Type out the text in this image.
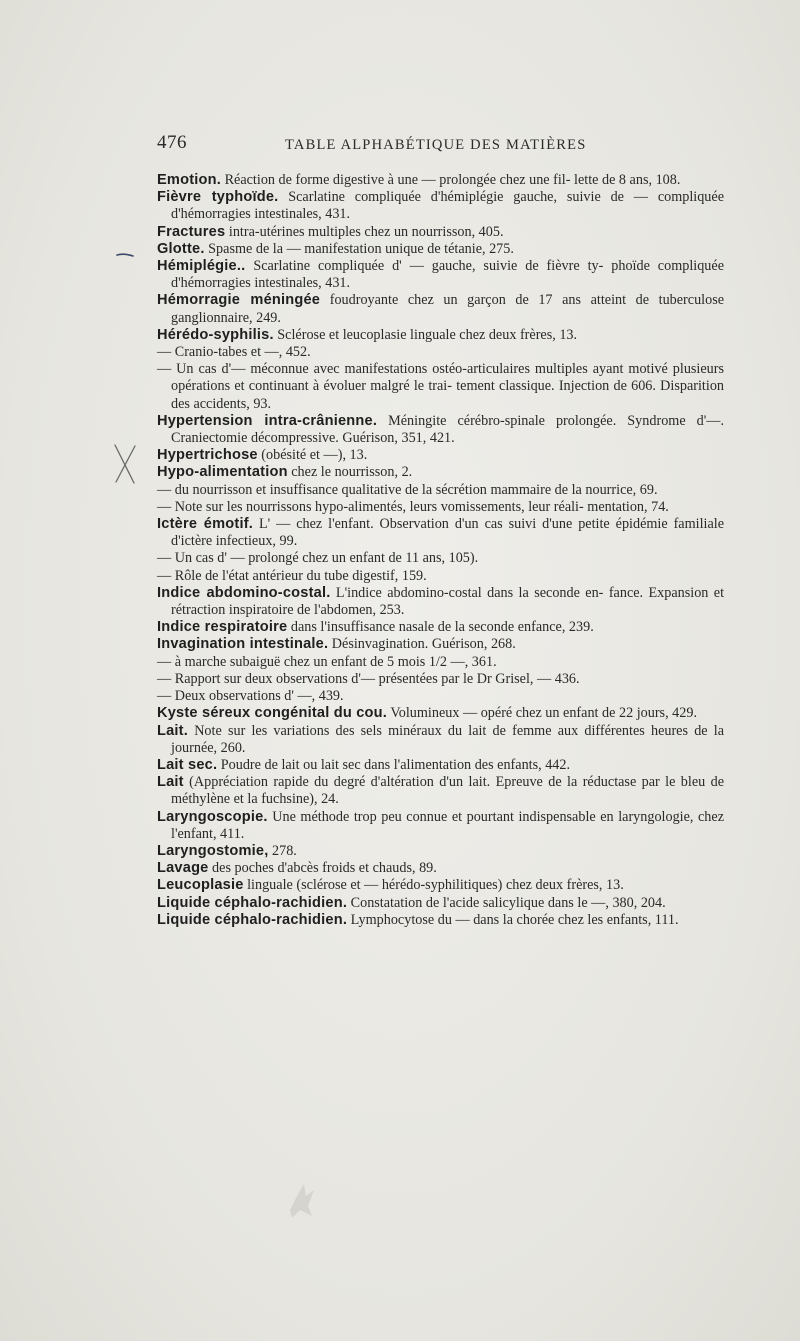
476	TABLE ALPHABÉTIQUE DES MATIÈRES

Emotion. Réaction de forme digestive à une — prolongée chez une fil- lette de 8 ans, 108.

Fièvre typhoïde. Scarlatine compliquée d'hémiplégie gauche, suivie de — compliquée d'hémorragies intestinales, 431.

Fractures intra-utérines multiples chez un nourrisson, 405.

Glotte. Spasme de la — manifestation unique de tétanie, 275.

Hémiplégie.. Scarlatine compliquée d' — gauche, suivie de fièvre ty- phoïde compliquée d'hémorragies intestinales, 431.

Hémorragie méningée foudroyante chez un garçon de 17 ans atteint de tuberculose ganglionnaire, 249.

Hérédo-syphilis. Sclérose et leucoplasie linguale chez deux frères, 13.

— Cranio-tabes et —, 452.

— Un cas d'— méconnue avec manifestations ostéo-articulaires multiples ayant motivé plusieurs opérations et continuant à évoluer malgré le trai- tement classique. Injection de 606. Disparition des accidents, 93.

Hypertension intra-crânienne. Méningite cérébro-spinale prolongée. Syndrome d'—. Craniectomie décompressive. Guérison, 351, 421.

Hypertrichose (obésité et —), 13.

Hypo-alimentation chez le nourrisson, 2.

— du nourrisson et insuffisance qualitative de la sécrétion mammaire de la nourrice, 69.

— Note sur les nourrissons hypo-alimentés, leurs vomissements, leur réali- mentation, 74.

Ictère émotif. L' — chez l'enfant. Observation d'un cas suivi d'une petite épidémie familiale d'ictère infectieux, 99.

— Un cas d' — prolongé chez un enfant de 11 ans, 105).

— Rôle de l'état antérieur du tube digestif, 159.

Indice abdomino-costal. L'indice abdomino-costal dans la seconde en- fance. Expansion et rétraction inspiratoire de l'abdomen, 253.

Indice respiratoire dans l'insuffisance nasale de la seconde enfance, 239.

Invagination intestinale. Désinvagination. Guérison, 268.

— à marche subaiguë chez un enfant de 5 mois 1/2 —, 361.

— Rapport sur deux observations d'— présentées par le Dr Grisel, — 436.

— Deux observations d' —, 439.

Kyste séreux congénital du cou. Volumineux — opéré chez un enfant de 22 jours, 429.

Lait. Note sur les variations des sels minéraux du lait de femme aux différentes heures de la journée, 260.

Lait sec. Poudre de lait ou lait sec dans l'alimentation des enfants, 442.

Lait (Appréciation rapide du degré d'altération d'un lait. Epreuve de la réductase par le bleu de méthylène et la fuchsine), 24.

Laryngoscopie. Une méthode trop peu connue et pourtant indispensable en laryngologie, chez l'enfant, 411.

Laryngostomie, 278.

Lavage des poches d'abcès froids et chauds, 89.

Leucoplasie linguale (sclérose et — hérédo-syphilitiques) chez deux frères, 13.

Liquide céphalo-rachidien. Constatation de l'acide salicylique dans le —, 380, 204.

Liquide céphalo-rachidien. Lymphocytose du — dans la chorée chez les enfants, 111.
